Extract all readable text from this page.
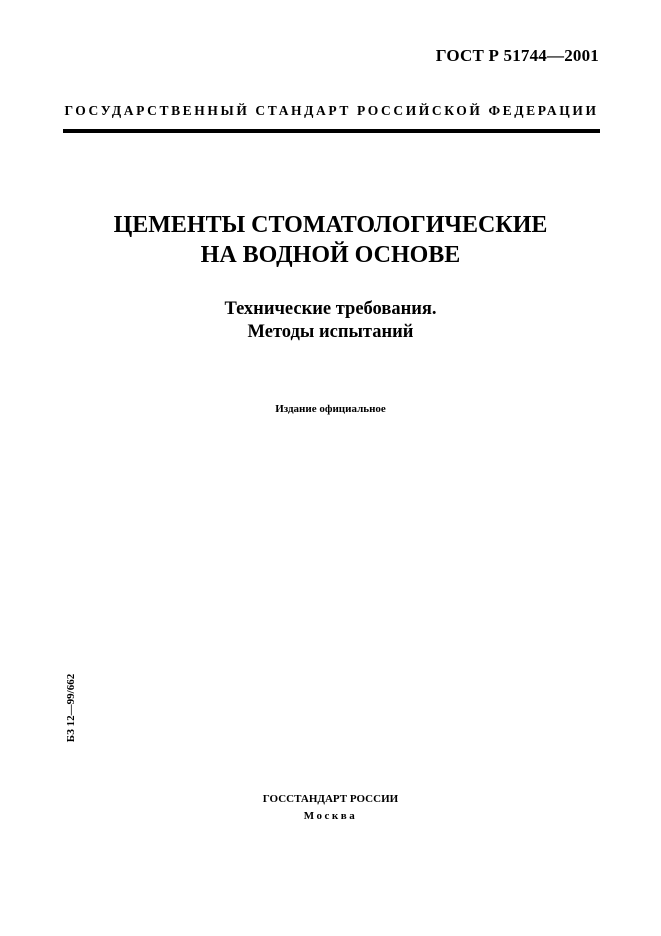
ГОСТ Р 51744—2001
ГОСУДАРСТВЕННЫЙ СТАНДАРТ РОССИЙСКОЙ ФЕДЕРАЦИИ
ЦЕМЕНТЫ СТОМАТОЛОГИЧЕСКИЕ
НА ВОДНОЙ ОСНОВЕ
Технические требования.
Методы испытаний
Издание официальное
БЗ 12—99/662
ГОССТАНДАРТ РОССИИ
Москва
